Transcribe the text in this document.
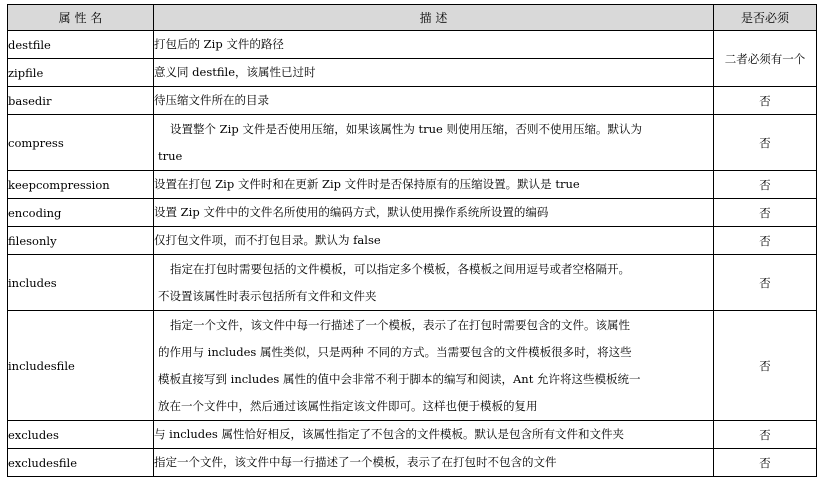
属 性 名	描 述	是否必须
destfile	打包后的 Zip 文件的路径	二者必须有一个
zipfile	意义同 destfile，该属性已过时	

basedir	待压缩文件所在的目录	否
compress	设置整个 Zip 文件是否使用压缩，如果该属性为 true 则使用压缩，否则不使用压缩。默认为
true	否
keepcompression	设置在打包 Zip 文件时和在更新 Zip 文件时是否保持原有的压缩设置。默认是 true	否
encoding	设置 Zip 文件中的文件名所使用的编码方式，默认使用操作系统所设置的编码	否
filesonly	仅打包文件项，而不打包目录。默认为 false	否
includes	指定在打包时需要包括的文件模板，可以指定多个模板，各模板之间用逗号或者空格隔开。
不设置该属性时表示包括所有文件和文件夹	否
includesfile	指定一个文件，该文件中每一行描述了一个模板，表示了在打包时需要包含的文件。该属性
的作用与 includes 属性类似，只是两种 不同的方式。当需要包含的文件模板很多时，将这些
模板直接写到 includes 属性的值中会非常不利于脚本的编写和阅读，Ant 允许将这些模板统一
放在一个文件中，然后通过该属性指定该文件即可。这样也便于模板的复用	否
excludes	与 includes 属性恰好相反，该属性指定了不包含的文件模板。默认是包含所有文件和文件夹	否
excludesfile	指定一个文件，该文件中每一行描述了一个模板，表示了在打包时不包含的文件	否
